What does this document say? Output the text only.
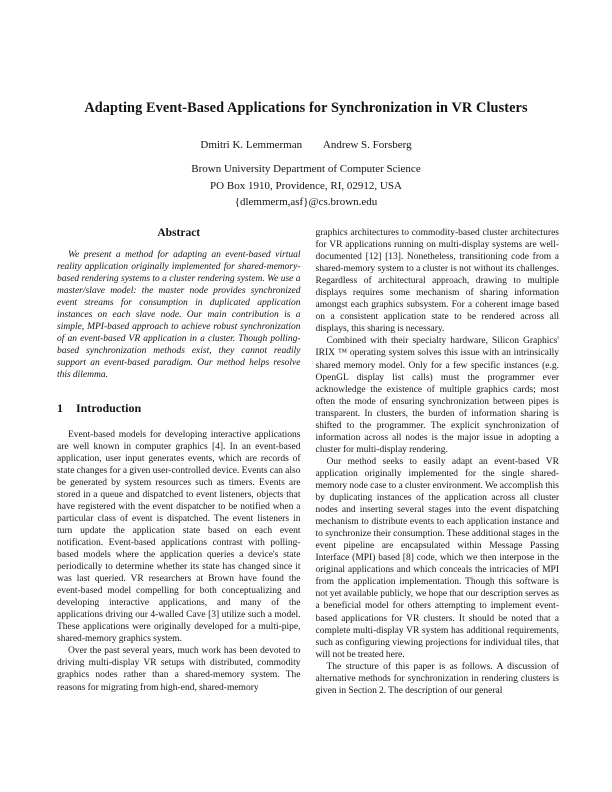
Adapting Event-Based Applications for Synchronization in VR Clusters
Dmitri K. Lemmerman Andrew S. Forsberg
Brown University Department of Computer Science
PO Box 1910, Providence, RI, 02912, USA
{dlemmerm,asf}@cs.brown.edu
Abstract

We present a method for adapting an event-based virtual reality application originally implemented for shared-memory-based rendering systems to a cluster rendering system. We use a master/slave model: the master node provides synchronized event streams for consumption in duplicated application instances on each slave node. Our main contribution is a simple, MPI-based approach to achieve robust synchronization of an event-based VR application in a cluster. Though polling-based synchronization methods exist, they cannot readily support an event-based paradigm. Our method helps resolve this dilemma.

1 Introduction

Event-based models for developing interactive applications are well known in computer graphics [4]. In an event-based application, user input generates events, which are records of state changes for a given user-controlled device. Events can also be generated by system resources such as timers. Events are stored in a queue and dispatched to event listeners, objects that have registered with the event dispatcher to be notified when a particular class of event is dispatched. The event listeners in turn update the application state based on each event notification. Event-based applications contrast with polling-based models where the application queries a device's state periodically to determine whether its state has changed since it was last queried. VR researchers at Brown have found the event-based model compelling for both conceptualizing and developing interactive applications, and many of the applications driving our 4-walled Cave [3] utilize such a model. These applications were originally developed for a multi-pipe, shared-memory graphics system.

Over the past several years, much work has been devoted to driving multi-display VR setups with distributed, commodity graphics nodes rather than a shared-memory system. The reasons for migrating from high-end, shared-memory

graphics architectures to commodity-based cluster architectures for VR applications running on multi-display systems are well-documented [12] [13]. Nonetheless, transitioning code from a shared-memory system to a cluster is not without its challenges. Regardless of architectural approach, drawing to multiple displays requires some mechanism of sharing information amongst each graphics subsystem. For a coherent image based on a consistent application state to be rendered across all displays, this sharing is necessary.

Combined with their specialty hardware, Silicon Graphics' IRIX ™ operating system solves this issue with an intrinsically shared memory model. Only for a few specific instances (e.g. OpenGL display list calls) must the programmer ever acknowledge the existence of multiple graphics cards; most often the mode of ensuring synchronization between pipes is transparent. In clusters, the burden of information sharing is shifted to the programmer. The explicit synchronization of information across all nodes is the major issue in adopting a cluster for multi-display rendering.

Our method seeks to easily adapt an event-based VR application originally implemented for the single shared-memory node case to a cluster environment. We accomplish this by duplicating instances of the application across all cluster nodes and inserting several stages into the event dispatching mechanism to distribute events to each application instance and to synchronize their consumption. These additional stages in the event pipeline are encapsulated within Message Passing Interface (MPI) based [8] code, which we then interpose in the original applications and which conceals the intricacies of MPI from the application implementation. Though this software is not yet available publicly, we hope that our description serves as a beneficial model for others attempting to implement event-based applications for VR clusters. It should be noted that a complete multi-display VR system has additional requirements, such as configuring viewing projections for individual tiles, that will not be treated here.

The structure of this paper is as follows. A discussion of alternative methods for synchronization in rendering clusters is given in Section 2. The description of our general
